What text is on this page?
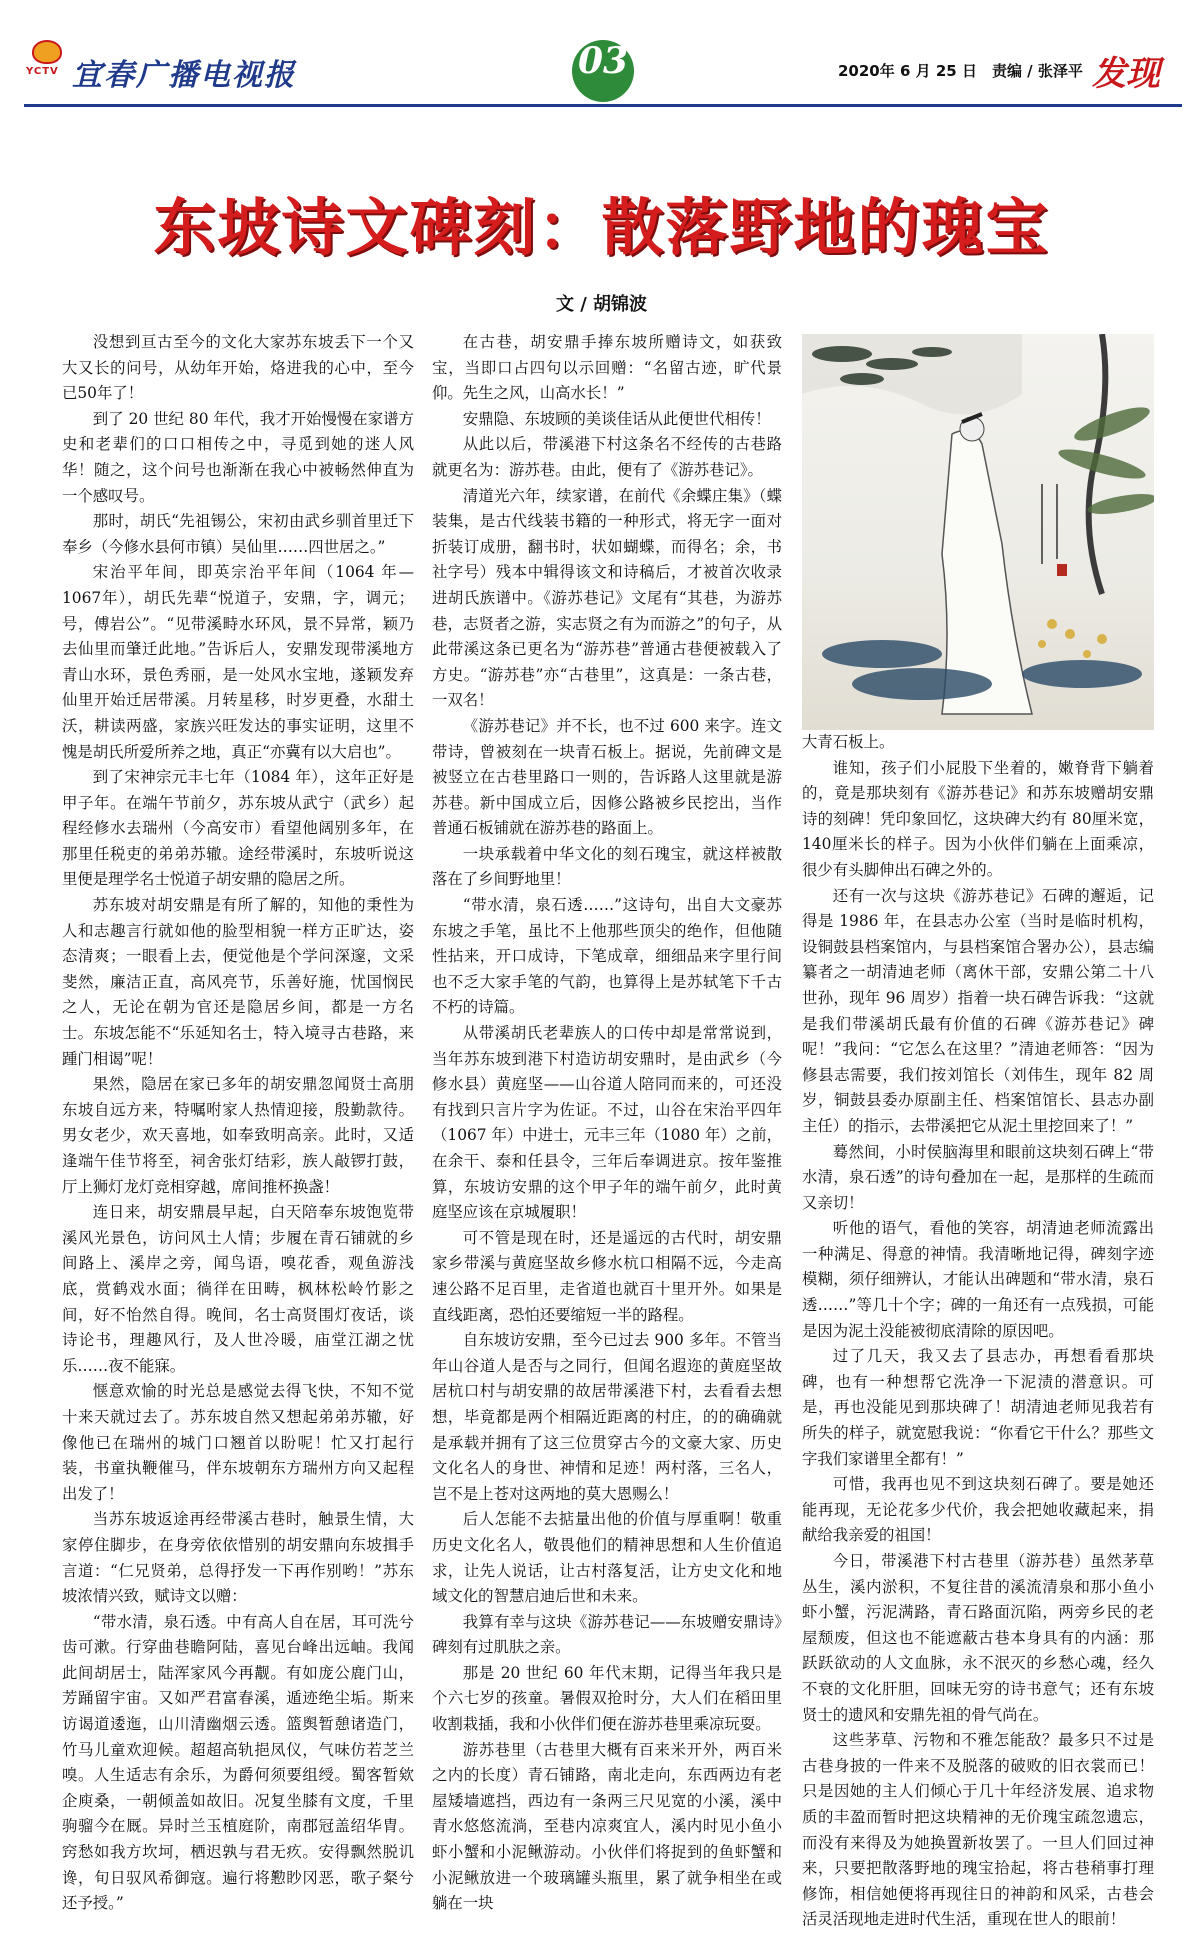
YCTV 宜春广播电视报	03	2020年 6 月 25 日　责编 / 张泽平 发现
东坡诗文碑刻：散落野地的瑰宝
文 / 胡锦波

没想到亘古至今的文化大家苏东坡丢下一个又大又长的问号，从幼年开始，烙进我的心中，至今已50年了！

到了 20 世纪 80 年代，我才开始慢慢在家谱方史和老辈们的口口相传之中，寻觅到她的迷人风华！随之，这个问号也渐渐在我心中被畅然伸直为一个感叹号。

那时，胡氏“先祖锡公，宋初由武乡驯首里迁下奉乡（今修水县何市镇）吴仙里……四世居之。”

宋治平年间，即英宗治平年间（1064 年—1067年），胡氏先辈“悦道子，安鼎，字，调元；号，傅岩公”。“见带溪畤水环风，景不异常，颖乃去仙里而肇迁此地。”告诉后人，安鼎发现带溪地方青山水环，景色秀丽，是一处风水宝地，遂颖发弃仙里开始迁居带溪。月转星移，时岁更叠，水甜土沃，耕读两盛，家族兴旺发达的事实证明，这里不愧是胡氏所爱所养之地，真正“亦冀有以大启也”。

到了宋神宗元丰七年（1084 年），这年正好是甲子年。在端午节前夕，苏东坡从武宁（武乡）起程经修水去瑞州（今高安市）看望他阔别多年，在那里任税吏的弟弟苏辙。途经带溪时，东坡听说这里便是理学名士悦道子胡安鼎的隐居之所。

苏东坡对胡安鼎是有所了解的，知他的秉性为人和志趣言行就如他的脸型相貌一样方正旷达，姿态清爽；一眼看上去，便觉他是个学问深邃，文采斐然，廉洁正直，高风亮节，乐善好施，忧国悯民之人，无论在朝为官还是隐居乡间，都是一方名士。东坡怎能不“乐延知名士，特入境寻古巷路，来踵门相谒”呢！

果然，隐居在家已多年的胡安鼎忽闻贤士高朋东坡自远方来，特嘱咐家人热情迎接，殷勤款待。男女老少，欢天喜地，如奉致明高亲。此时，又适逢端午佳节将至，祠舍张灯结彩，族人敲锣打鼓，厅上狮灯龙灯竞相穿越，席间推杯换盏！

连日来，胡安鼎晨早起，白天陪奉东坡饱览带溪风光景色，访问风土人情；步履在青石铺就的乡间路上、溪岸之旁，闻鸟语，嗅花香，观鱼游浅底，赏鹤戏水面；徜徉在田畴，枫林松岭竹影之间，好不怡然自得。晚间，名士高贤围灯夜话，谈诗论书，理趣风行，及人世冷暖，庙堂江湖之忧乐……夜不能寐。

惬意欢愉的时光总是感觉去得飞快，不知不觉十来天就过去了。苏东坡自然又想起弟弟苏辙，好像他已在瑞州的城门口翘首以盼呢！忙又打起行装，书童执鞭催马，伴东坡朝东方瑞州方向又起程出发了！

当苏东坡返途再经带溪古巷时，触景生情，大家停住脚步，在身旁依依惜别的胡安鼎向东坡揖手言道：“仁兄贤弟，总得抒发一下再作别哟！”苏东坡浓情兴致，赋诗文以赠：

“带水清，泉石透。中有高人自在居，耳可洗兮齿可漱。行穿曲巷瞻阿陆，喜见台峰出远岫。我闻此间胡居士，陆浑家风今再觏。有如庞公鹿门山，芳踊留宇宙。又如严君富春溪，遁迹绝尘垢。斯来访谒道逶迤，山川清幽烟云透。篮舆暂憩诸造门，竹马儿童欢迎候。超超高轨挹凤仪，气味仿若芝兰嗅。人生适志有余乐，为爵何须要组绶。蜀客暂欸企庾桑，一朝倾盖如故旧。况复坐膝有文度，千里驹骝今在厩。异时兰玉植庭阶，南郡冠盖绍华胄。窍愁如我方坎坷，栖迟孰与君无疚。安得飘然脱讥谗，旬日驭风希御寇。遍行将懃眇冈恶，歌子粲兮还予授。”

在古巷，胡安鼎手捧东坡所赠诗文，如获致宝，当即口占四句以示回赠：“名留古迹，旷代景仰。先生之风，山高水长！”

安鼎隐、东坡顾的美谈佳话从此便世代相传！

从此以后，带溪港下村这条名不经传的古巷路就更名为：游苏巷。由此，便有了《游苏巷记》。

清道光六年，续家谱，在前代《余蝶庄集》（蝶装集，是古代线装书籍的一种形式，将无字一面对折装订成册，翻书时，状如蝴蝶，而得名；余，书社字号）残本中辑得该文和诗稿后，才被首次收录进胡氏族谱中。《游苏巷记》文尾有“其巷，为游苏巷，志贤者之游，实志贤之有为而游之”的句子，从此带溪这条已更名为“游苏巷”普通古巷便被载入了方史。“游苏巷”亦“古巷里”，这真是：一条古巷，一双名！

《游苏巷记》并不长，也不过 600 来字。连文带诗，曾被刻在一块青石板上。据说，先前碑文是被竖立在古巷里路口一则的，告诉路人这里就是游苏巷。新中国成立后，因修公路被乡民挖出，当作普通石板铺就在游苏巷的路面上。

一块承载着中华文化的刻石瑰宝，就这样被散落在了乡间野地里！

“带水清，泉石透……”这诗句，出自大文豪苏东坡之手笔，虽比不上他那些顶尖的绝作，但他随性拈来，开口成诗，下笔成章，细细品来字里行间也不乏大家手笔的气韵，也算得上是苏轼笔下千古不朽的诗篇。

从带溪胡氏老辈族人的口传中却是常常说到，当年苏东坡到港下村造访胡安鼎时，是由武乡（今修水县）黄庭坚——山谷道人陪同而来的，可还没有找到只言片字为佐证。不过，山谷在宋治平四年（1067 年）中进士，元丰三年（1080 年）之前，在余干、泰和任县令，三年后奉调进京。按年鉴推算，东坡访安鼎的这个甲子年的端午前夕，此时黄庭坚应该在京城履职！

可不管是现在时，还是遥远的古代时，胡安鼎家乡带溪与黄庭坚故乡修水杭口相隔不远，今走高速公路不足百里，走省道也就百十里开外。如果是直线距离，恐怕还要缩短一半的路程。

自东坡访安鼎，至今已过去 900 多年。不管当年山谷道人是否与之同行，但闻名遐迩的黄庭坚故居杭口村与胡安鼎的故居带溪港下村，去看看去想想，毕竟都是两个相隔近距离的村庄，的的确确就是承载并拥有了这三位贯穿古今的文豪大家、历史文化名人的身世、神情和足迹！两村落，三名人，岂不是上苍对这两地的莫大恩赐么！

后人怎能不去掂量出他的价值与厚重啊！敬重历史文化名人，敬畏他们的精神思想和人生价值追求，让先人说话，让古村落复活，让方史文化和地域文化的智慧启迪后世和未来。

我算有幸与这块《游苏巷记——东坡赠安鼎诗》碑刻有过肌肤之亲。

那是 20 世纪 60 年代末期，记得当年我只是个六七岁的孩童。暑假双抢时分，大人们在稻田里收割栽插，我和小伙伴们便在游苏巷里乘凉玩耍。

游苏巷里（古巷里大概有百来米开外，两百米之内的长度）青石铺路，南北走向，东西两边有老屋矮墙遮挡，西边有一条两三尺见宽的小溪，溪中青水悠悠流淌，至巷内凉爽宜人，溪内时见小鱼小虾小蟹和小泥鳅游动。小伙伴们将捉到的鱼虾蟹和小泥鳅放进一个玻璃罐头瓶里，累了就争相坐在或躺在一块

大青石板上。

谁知，孩子们小屁股下坐着的，嫩脊背下躺着的，竟是那块刻有《游苏巷记》和苏东坡赠胡安鼎诗的刻碑！凭印象回忆，这块碑大约有 80厘米宽，140厘米长的样子。因为小伙伴们躺在上面乘凉，很少有头脚伸出石碑之外的。

还有一次与这块《游苏巷记》石碑的邂逅，记得是 1986 年，在县志办公室（当时是临时机构，设铜鼓县档案馆内，与县档案馆合署办公），县志编纂者之一胡清迪老师（离休干部，安鼎公第二十八世孙，现年 96 周岁）指着一块石碑告诉我：“这就是我们带溪胡氏最有价值的石碑《游苏巷记》碑呢！”我问：“它怎么在这里？”清迪老师答：“因为修县志需要，我们按刘馆长（刘伟生，现年 82 周岁，铜鼓县委办原副主任、档案馆馆长、县志办副主任）的指示，去带溪把它从泥土里挖回来了！”

蓦然间，小时侯脑海里和眼前这块刻石碑上“带水清，泉石透”的诗句叠加在一起，是那样的生疏而又亲切！

听他的语气，看他的笑容，胡清迪老师流露出一种满足、得意的神情。我清晰地记得，碑刻字迹模糊，须仔细辨认，才能认出碑题和“带水清，泉石透……”等几十个字；碑的一角还有一点残损，可能是因为泥土没能被彻底清除的原因吧。

过了几天，我又去了县志办，再想看看那块碑，也有一种想帮它洗净一下泥渍的潜意识。可是，再也没能见到那块碑了！胡清迪老师见我若有所失的样子，就宽慰我说：“你看它干什么？那些文字我们家谱里全都有！”

可惜，我再也见不到这块刻石碑了。要是她还能再现，无论花多少代价，我会把她收藏起来，捐献给我亲爱的祖国！

今日，带溪港下村古巷里（游苏巷）虽然茅草丛生，溪内淤积，不复往昔的溪流清泉和那小鱼小虾小蟹，污泥满路，青石路面沉陷，两旁乡民的老屋颓废，但这也不能遮蔽古巷本身具有的内涵：那跃跃欲动的人文血脉，永不泯灭的乡愁心魂，经久不衰的文化肝胆，回味无穷的诗书意气；还有东坡贤士的遗风和安鼎先祖的骨气尚在。

这些茅草、污物和不雅怎能敌？最多只不过是古巷身披的一件来不及脱落的破败的旧衣裳而已！只是因她的主人们倾心于几十年经济发展、追求物质的丰盈而暂时把这块精神的无价瑰宝疏忽遗忘，而没有来得及为她换置新妆罢了。一旦人们回过神来，只要把散落野地的瑰宝拾起，将古巷稍事打理修饰，相信她便将再现往日的神韵和风采，古巷会活灵活现地走进时代生活，重现在世人的眼前！
